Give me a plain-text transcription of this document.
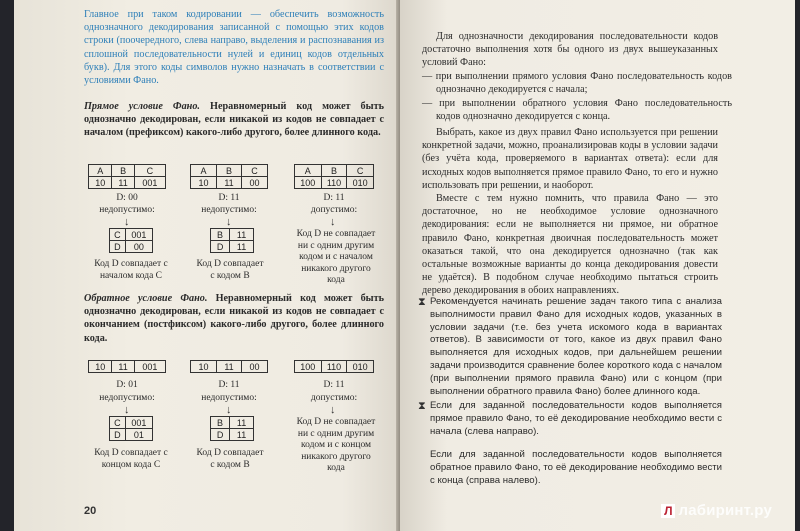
Главное при таком кодировании — обеспечить возможность однозначного декодирования записанной с помощью этих кодов строки (поочередного, слева направо, выделения и распознавания из сплошной последовательности нулей и единиц кодов отдельных букв). Для этого коды символов нужно назначать в соответствии с условиями Фано.

Прямое условие Фано. Неравномерный код может быть однозначно декодирован, если никакой из кодов не совпадает с началом (префиксом) какого-либо другого, более длинного кода.

A	B	C
10	11	001
D: 00
недопустимо:
↓
C	001
D	00
Код D совпадает с началом кода C
A	B	C
10	11	00
D: 11
недопустимо:
↓
B	11
D	11
Код D совпадает с кодом B
A	B	C
100	110	010
D: 11
допустимо:
↓
Код D не совпадает ни с одним другим кодом и с началом никакого другого кода

Обратное условие Фано. Неравномерный код может быть однозначно декодирован, если никакой из кодов не совпадает с окончанием (постфиксом) какого-либо другого, более длинного кода.

10	11	001
D: 01
недопустимо:
↓
C	001
D	01
Код D совпадает с концом кода C
10	11	00
D: 11
недопустимо:
↓
B	11
D	11
Код D совпадает с кодом B
100	110	010
D: 11
допустимо:
↓
Код D не совпадает ни с одним другим кодом и с концом никакого другого кода
20

Для однозначности декодирования последовательности кодов достаточно выполнения хотя бы одного из двух вышеуказанных условий Фано:

— при выполнении прямого условия Фано последовательность кодов однозначно декодируется с начала;

— при выполнении обратного условия Фано последовательность кодов однозначно декодируется с конца.

Выбрать, какое из двух правил Фано используется при решении конкретной задачи, можно, проанализировав коды в условии задачи (без учёта кода, проверяемого в вариантах ответа): если для исходных кодов выполняется прямое правило Фано, то его и нужно использовать при решении, и наоборот.

Вместе с тем нужно помнить, что правила Фано — это достаточное, но не необходимое условие однозначного декодирования: если не выполняется ни прямое, ни обратное правило Фано, конкретная двоичная последовательность может оказаться такой, что она декодируется однозначно (так как остальные возможные варианты до конца декодирования довести не удаётся). В подобном случае необходимо пытаться строить дерево декодирования в обоих направлениях.

⧗ Рекомендуется начинать решение задач такого типа с анализа выполнимости правил Фано для исходных кодов, указанных в условии задачи (т.е. без учета искомого кода в вариантах ответов). В зависимости от того, какое из двух правил Фано выполняется для исходных кодов, при дальнейшем решении задачи производится сравнение более короткого кода с началом (при выполнении прямого правила Фано) или с концом (при выполнении обратного правила Фано) более длинного кода.

⧗ Если для заданной последовательности кодов выполняется прямое правило Фано, то её декодирование необходимо вести с начала (слева направо).

Если для заданной последовательности кодов выполняется обратное правило Фано, то её декодирование необходимо вести с конца (справа налево).

Л лабиринт.ру
